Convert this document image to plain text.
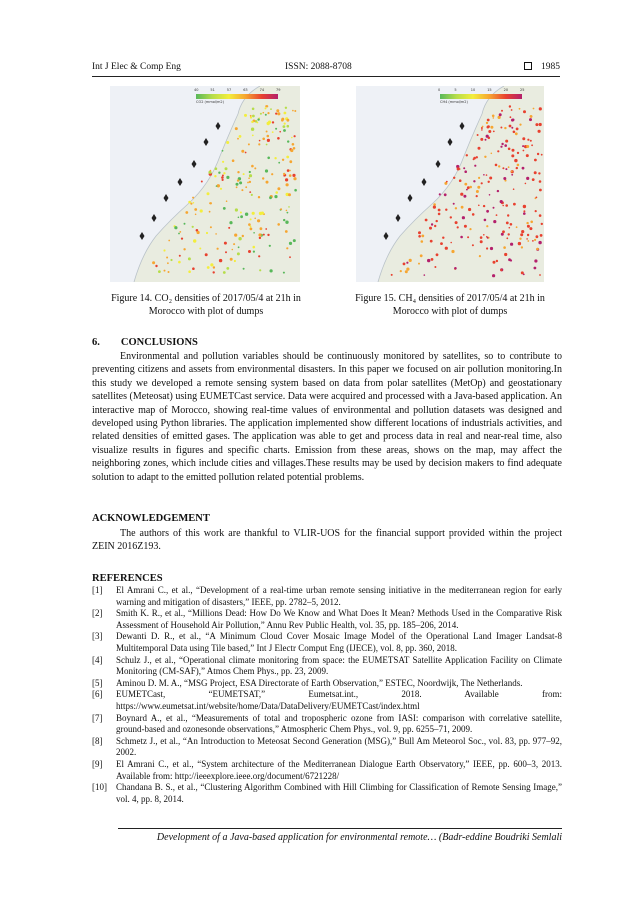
Int J Elec & Comp Eng	ISSN: 2088-8708	1985
40	51	57	63	74	79
CO2 (mmol/m2)
Figure 14. CO₂ densities of 2017/05/4 at 21h in
Morocco with plot of dumps
0	5	10	15	20	25
CH4 (mmol/m2)
Figure 15. CH₄ densities of 2017/05/4 at 21h in
Morocco with plot of dumps
6.  CONCLUSIONS
Environmental and pollution variables should be continuously monitored by satellites, so to contribute to preventing citizens and assets from environmental disasters. In this paper we focused on air pollution monitoring.In this study we developed a remote sensing system based on data from polar satellites (MetOp) and geostationary satellites (Meteosat) using EUMETCast service. Data were acquired and processed with a Java-based application. An interactive map of Morocco, showing real-time values of environmental and pollution datasets was designed and developed using Python libraries. The application implemented show different locations of industrials activities, and related densities of emitted gases. The application was able to get and process data in real and near-real time, also visualize results in figures and specific charts. Emission from these areas, shows on the map, may affect the neighboring zones, which include cities and villages.These results may be used by decision makers to find adequate solution to adapt to the emitted pollution related potential problems.
ACKNOWLEDGEMENT
The authors of this work are thankful to VLIR-UOS for the financial support provided within the project ZEIN 2016Z193.
REFERENCES
[1]	El Amrani C., et al., “Development of a real-time urban remote sensing initiative in the mediterranean region for early warning and mitigation of disasters,” IEEE, pp. 2782–5, 2012.
[2]	Smith K. R., et al., “Millions Dead: How Do We Know and What Does It Mean? Methods Used in the Comparative Risk Assessment of Household Air Pollution,” Annu Rev Public Health, vol. 35, pp. 185–206, 2014.
[3]	Dewanti D. R., et al., “A Minimum Cloud Cover Mosaic Image Model of the Operational Land Imager Landsat-8 Multitemporal Data using Tile based,” Int J Electr Comput Eng (IJECE), vol. 8, pp. 360, 2018.
[4]	Schulz J., et al., “Operational climate monitoring from space: the EUMETSAT Satellite Application Facility on Climate Monitoring (CM-SAF),” Atmos Chem Phys., pp. 23, 2009.
[5]	Aminou D. M. A., “MSG Project, ESA Directorate of Earth Observation,” ESTEC, Noordwijk, The Netherlands.
[6]	EUMETCast, “EUMETSAT,” Eumetsat.int., 2018. Available from: https://www.eumetsat.int/website/home/Data/DataDelivery/EUMETCast/index.html
[7]	Boynard A., et al., “Measurements of total and tropospheric ozone from IASI: comparison with correlative satellite, ground-based and ozonesonde observations,” Atmospheric Chem Phys., vol. 9, pp. 6255–71, 2009.
[8]	Schmetz J., et al., “An Introduction to Meteosat Second Generation (MSG),” Bull Am Meteorol Soc., vol. 83, pp. 977–92, 2002.
[9]	El Amrani C., et al., “System architecture of the Mediterranean Dialogue Earth Observatory,” IEEE, pp. 600–3, 2013. Available from: http://ieeexplore.ieee.org/document/6721228/
[10]	Chandana B. S., et al., “Clustering Algorithm Combined with Hill Climbing for Classification of Remote Sensing Image,” vol. 4, pp. 8, 2014.
Development of a Java-based application for environmental remote… (Badr-eddine Boudriki Semlali
